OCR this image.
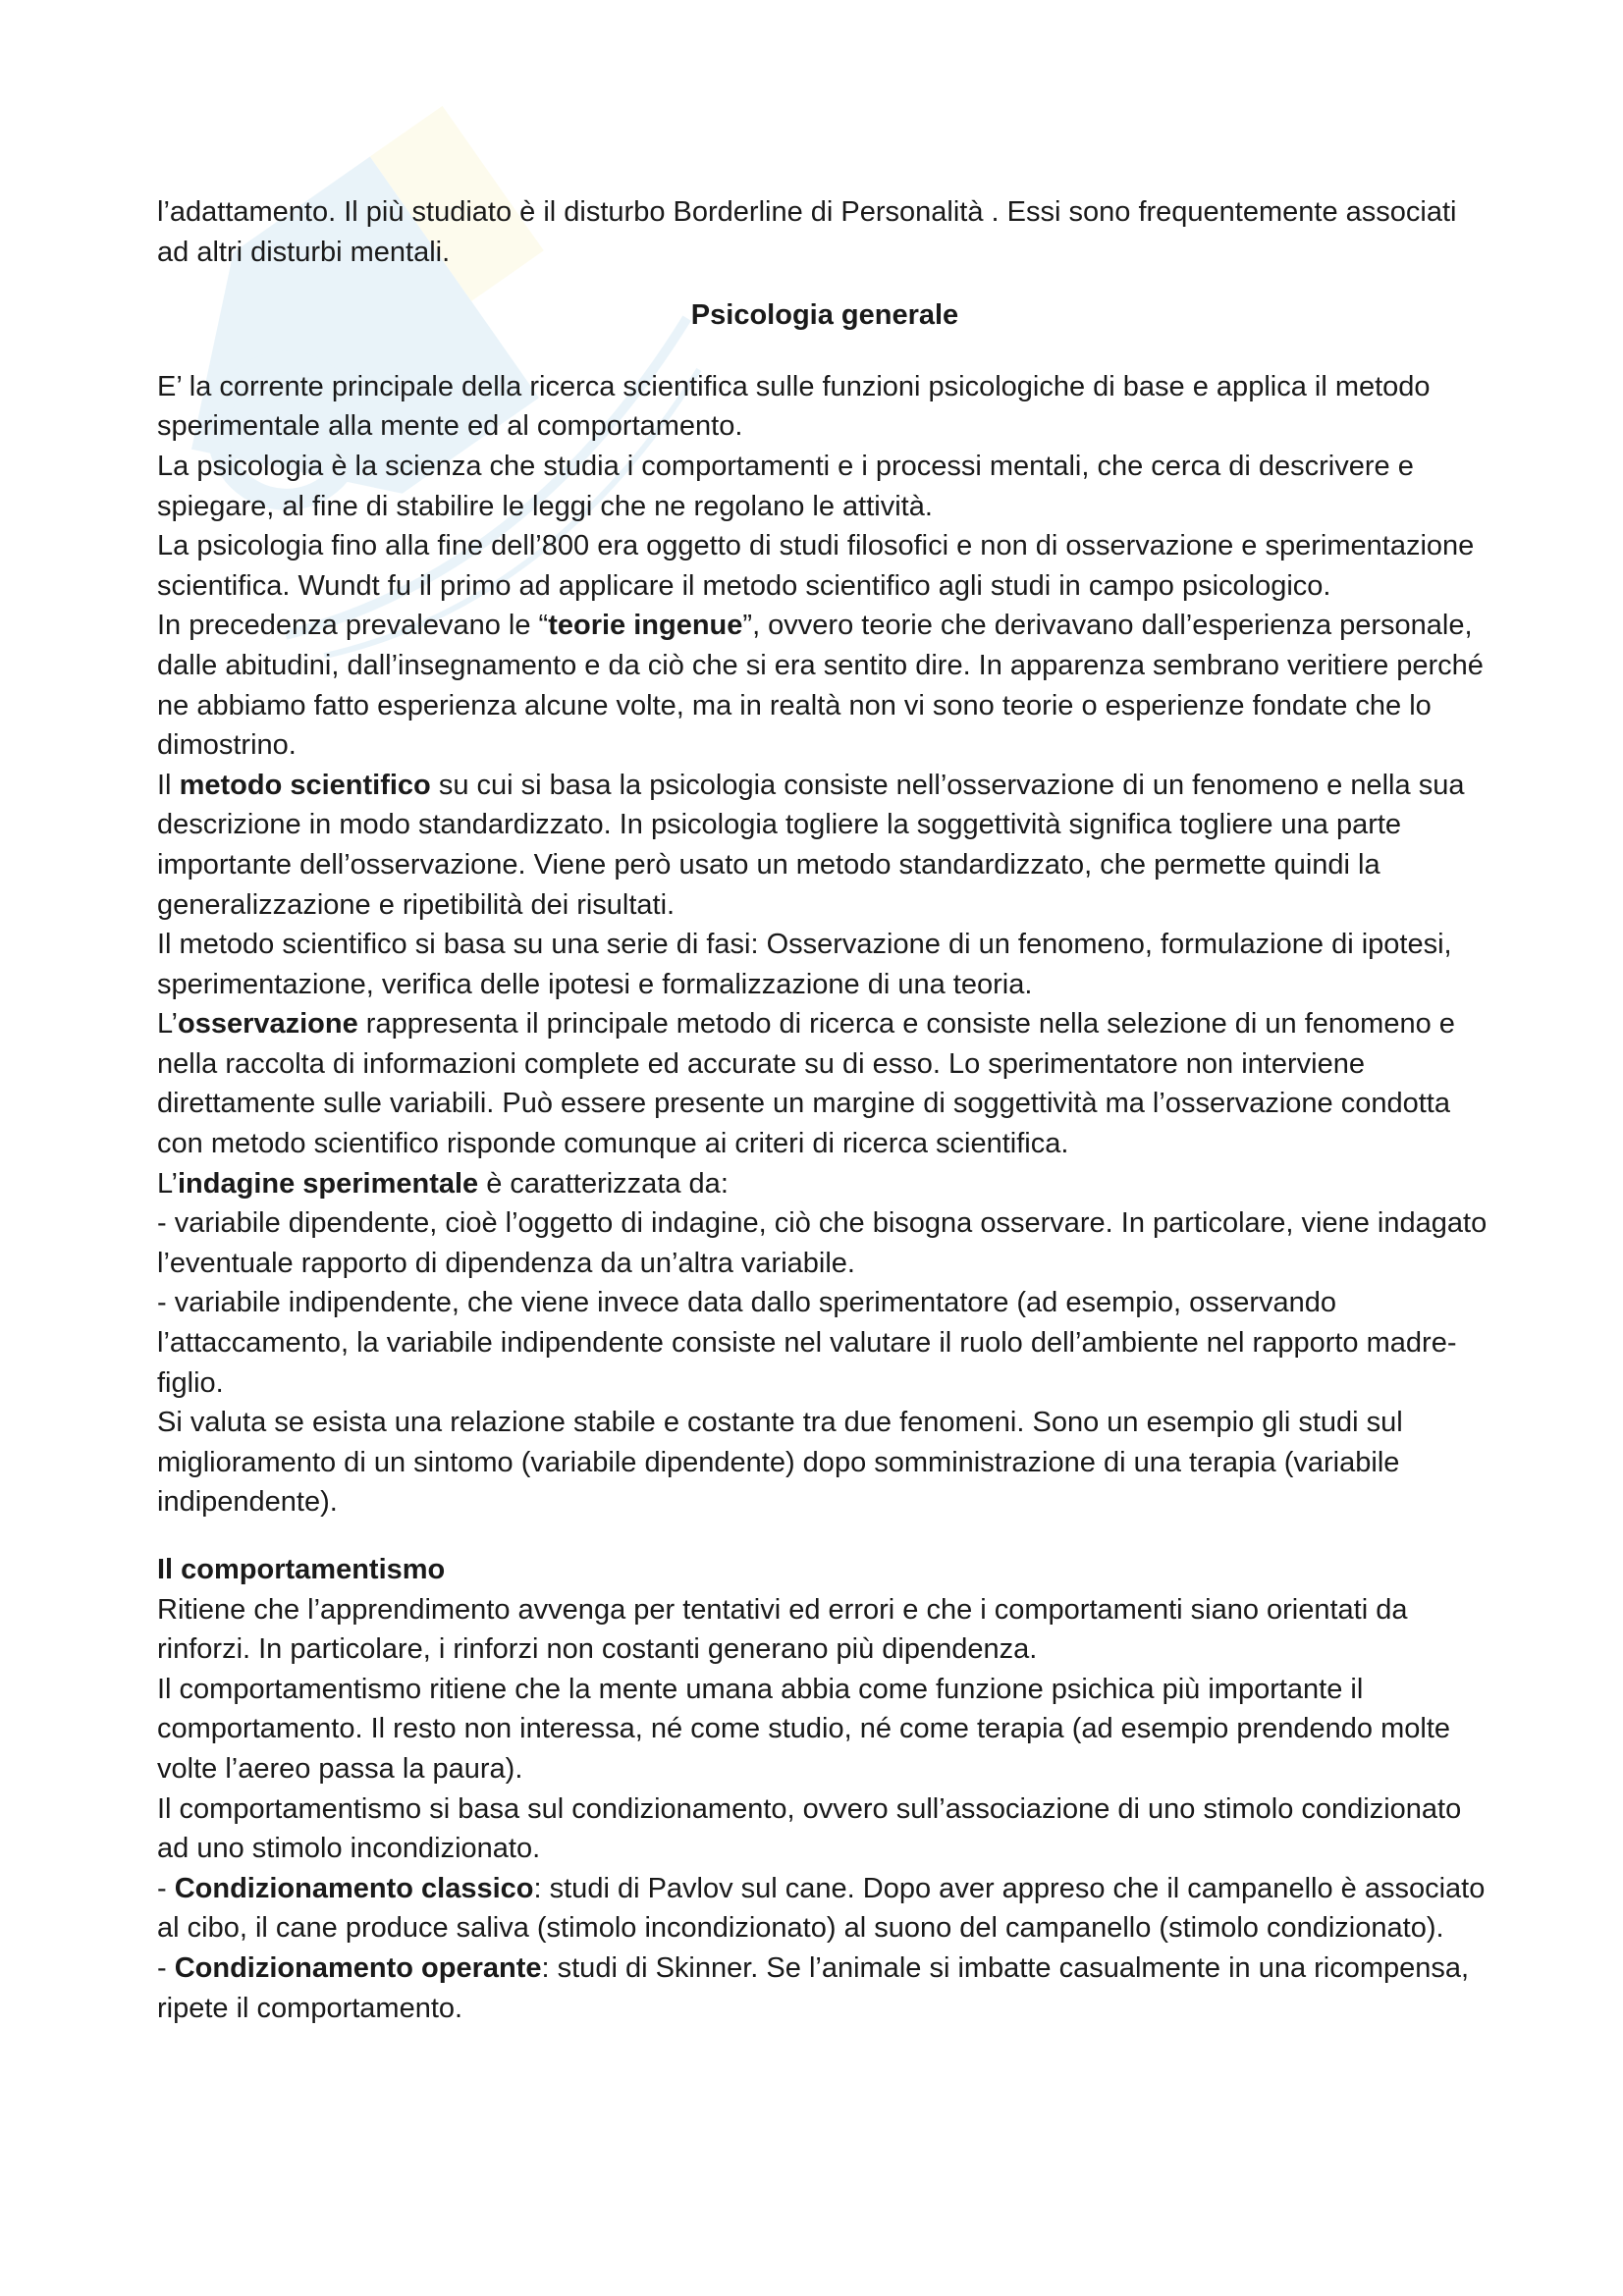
l’adattamento. Il più studiato è il disturbo Borderline di Personalità . Essi sono frequentemente associati ad altri disturbi mentali.

Psicologia generale

E’ la corrente principale della ricerca scientifica sulle funzioni psicologiche di base e applica il metodo sperimentale alla mente ed al comportamento.

La psicologia è la scienza che studia i comportamenti e i processi mentali, che cerca di descrivere e spiegare, al fine di stabilire le leggi che ne regolano le attività.

La psicologia fino alla fine dell’800 era oggetto di studi filosofici e non di osservazione e sperimentazione scientifica. Wundt fu il primo ad applicare il metodo scientifico agli studi in campo psicologico.

In precedenza prevalevano le “teorie ingenue”, ovvero teorie che derivavano dall’esperienza personale, dalle abitudini, dall’insegnamento e da ciò che si era sentito dire. In apparenza sembrano veritiere perché ne abbiamo fatto esperienza alcune volte, ma in realtà non vi sono teorie o esperienze fondate che lo dimostrino.

Il metodo scientifico su cui si basa la psicologia consiste nell’osservazione di un fenomeno e nella sua descrizione in modo standardizzato. In psicologia togliere la soggettività significa togliere una parte importante dell’osservazione. Viene però usato un metodo standardizzato, che permette quindi la generalizzazione e ripetibilità dei risultati.

Il metodo scientifico si basa su una serie di fasi: Osservazione di un fenomeno, formulazione di ipotesi, sperimentazione, verifica delle ipotesi e formalizzazione di una teoria.

L’osservazione rappresenta il principale metodo di ricerca e consiste nella selezione di un fenomeno e nella raccolta di informazioni complete ed accurate su di esso. Lo sperimentatore non interviene direttamente sulle variabili. Può essere presente un margine di soggettività ma l’osservazione condotta con metodo scientifico risponde comunque ai criteri di ricerca scientifica.

L’indagine sperimentale è caratterizzata da:

- variabile dipendente, cioè l’oggetto di indagine, ciò che bisogna osservare. In particolare, viene indagato l’eventuale rapporto di dipendenza da un’altra variabile.

- variabile indipendente, che viene invece data dallo sperimentatore (ad esempio, osservando l’attaccamento, la variabile indipendente consiste nel valutare il ruolo dell’ambiente nel rapporto madre-figlio.

Si valuta se esista una relazione stabile e costante tra due fenomeni. Sono un esempio gli studi sul miglioramento di un sintomo (variabile dipendente) dopo somministrazione di una terapia (variabile indipendente).

Il comportamentismo

Ritiene che l’apprendimento avvenga per tentativi ed errori e che i comportamenti siano orientati da rinforzi. In particolare, i rinforzi non costanti generano più dipendenza.

Il comportamentismo ritiene che la mente umana abbia come funzione psichica più importante il comportamento. Il resto non interessa, né come studio, né come terapia (ad esempio prendendo molte volte l’aereo passa la paura).

Il comportamentismo si basa sul condizionamento, ovvero sull’associazione di uno stimolo condizionato ad uno stimolo incondizionato.

- Condizionamento classico: studi di Pavlov sul cane. Dopo aver appreso che il campanello è associato al cibo, il cane produce saliva (stimolo incondizionato) al suono del campanello (stimolo condizionato).

- Condizionamento operante: studi di Skinner. Se l’animale si imbatte casualmente in una ricompensa, ripete il comportamento.
